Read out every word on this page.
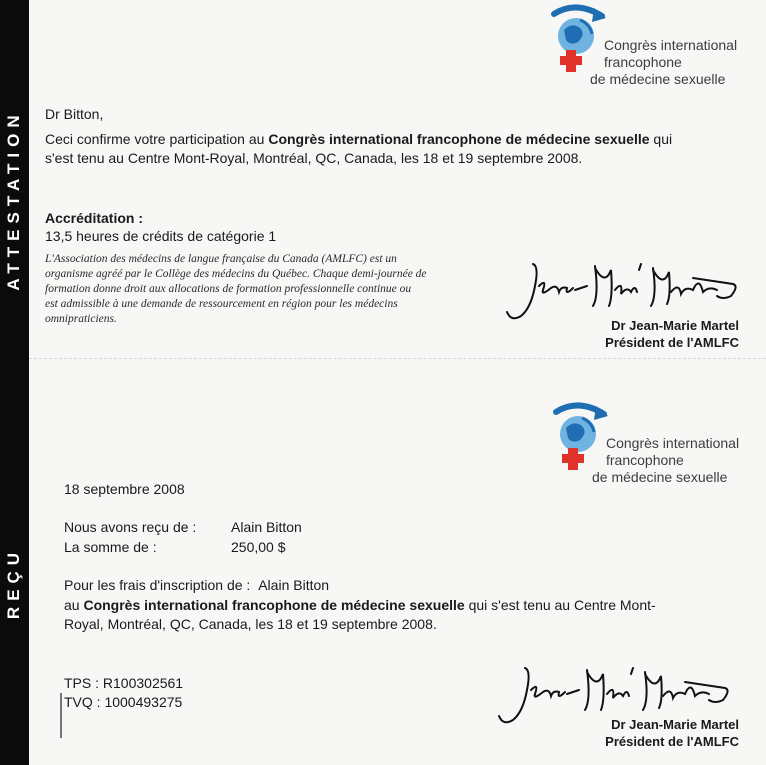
ATTESTATION
REÇU
Congrès international
francophone
de médecine sexuelle
Dr Bitton,
Ceci confirme votre participation au Congrès international francophone de médecine sexuelle qui
s'est tenu au Centre Mont-Royal, Montréal, QC, Canada, les 18 et 19 septembre 2008.
Accréditation :
13,5 heures de crédits de catégorie 1
L'Association des médecins de langue française du Canada (AMLFC) est un
organisme agréé par le Collège des médecins du Québec. Chaque demi-journée de
formation donne droit aux allocations de formation professionnelle continue ou
est admissible à une demande de ressourcement en région pour les médecins
omnipraticiens.	Dr Jean-Marie Martel
Président de l'AMLFC
Congrès international
francophone
de médecine sexuelle
18 septembre 2008
Nous avons reçu de : Alain Bitton
La somme de :	250,00 $
Pour les frais d'inscription de : Alain Bitton
au Congrès international francophone de médecine sexuelle qui s'est tenu au Centre Mont-
Royal, Montréal, QC, Canada, les 18 et 19 septembre 2008.
TPS : R100302561
TVQ : 1000493275
Dr Jean-Marie Martel
Président de l'AMLFC
